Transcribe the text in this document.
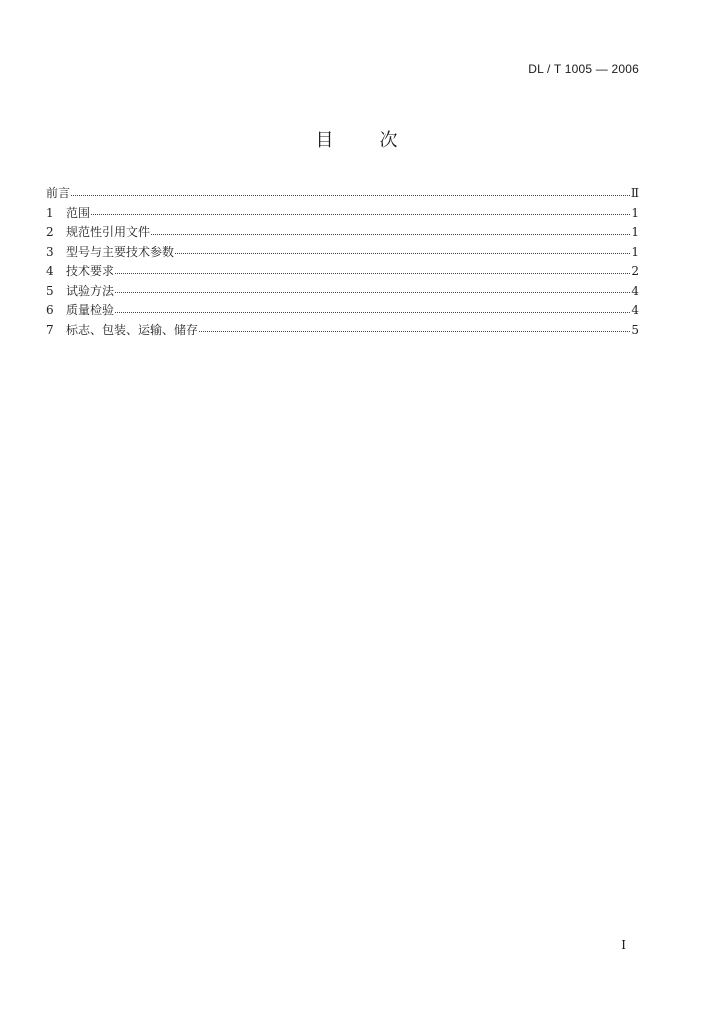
DL / T 1005 — 2006
目	次
前言	Ⅱ
1	范围	1
2	规范性引用文件	1
3	型号与主要技术参数	1
4	技术要求	2
5	试验方法	4
6	质量检验	4
7	标志、包装、运输、储存	5
I
